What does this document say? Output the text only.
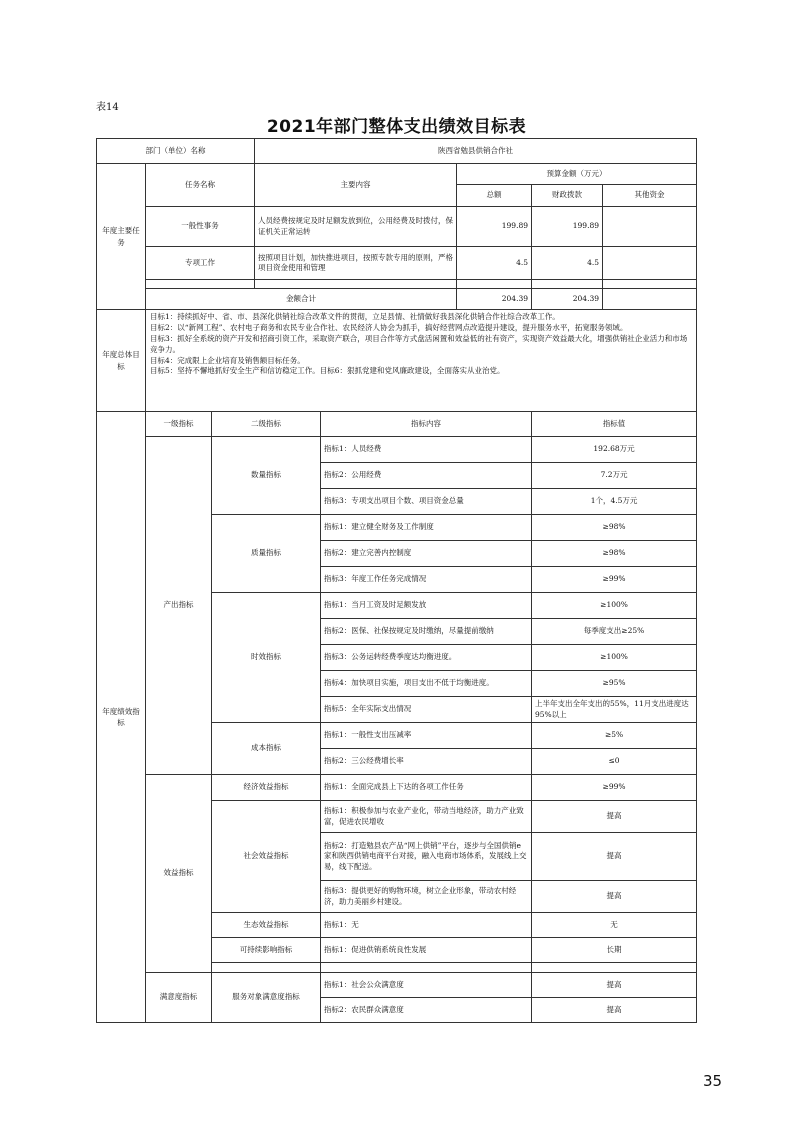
表14
2021年部门整体支出绩效目标表
部门（单位）名称			陕西省勉县供销合作社				
年度主要任务	任务名称		主要内容		预算金额（万元）		
					总额	财政拨款	其他资金
	一般性事务		人员经费按规定及时足额发放到位，公用经费及时拨付，保证机关正常运转		199.89	199.89	
	专项工作		按照项目计划，加快推进项目，按照专款专用的原则，严格项目资金使用和管理		4.5	4.5	

	金额合计				204.39	204.39	
年度总体目标	目标1：持续抓好中、省、市、县深化供销社综合改革文件的贯彻，立足县情、社情做好我县深化供销合作社综合改革工作。
目标2：以“新网工程”、农村电子商务和农民专业合作社、农民经济人协会为抓手，搞好经营网点改造提升建设，提升服务水平，拓宽服务领域。
目标3：抓好全系统的资产开发和招商引资工作，采取资产联合，项目合作等方式盘活闲置和效益低的社有资产，实现资产效益最大化，增强供销社企业活力和市场竞争力。
目标4：完成限上企业培育及销售额目标任务。
目标5：坚持不懈地抓好安全生产和信访稳定工作。目标6：狠抓党建和党风廉政建设，全面落实从业治党。						

年度绩效指标	一级指标	二级指标		指标内容		指标值	
	产出指标	数量指标		指标1：人员经费		192.68万元	
				指标2：公用经费		7.2万元	
				指标3：专项支出项目个数、项目资金总量		1个，4.5万元	
		质量指标		指标1：建立健全财务及工作制度		≥98%	
				指标2：建立完善内控制度		≥98%	
				指标3：年度工作任务完成情况		≥99%	
		时效指标		指标1：当月工资及时足额发放		≥100%	
				指标2：医保、社保按规定及时缴纳，尽量提前缴纳		每季度支出≥25%	
				指标3：公务运转经费季度达均衡进度。		≥100%	
				指标4：加快项目实施，项目支出不低于均衡进度。		≥95%	
				指标5：全年实际支出情况		上半年支出全年支出的55%，11月支出进度达95%以上	
		成本指标		指标1：一般性支出压减率		≥5%	
				指标2：三公经费增长率		≤0	
	效益指标	经济效益指标		指标1：全面完成县上下达的各项工作任务		≥99%	
		社会效益指标		指标1：积极参加与农业产业化，带动当地经济，助力产业致富，促进农民增收		提高	
				指标2：打造勉县农产品“网上供销”平台，逐步与全国供销e家和陕西供销电商平台对接，融入电商市场体系，发展线上交易，线下配送。		提高	
				指标3：提供更好的购物环境，树立企业形象，带动农村经济，助力美丽乡村建设。		提高	
		生态效益指标		指标1：无		无	
		可持续影响指标		指标1：促进供销系统良性发展		长期	

	满意度指标	服务对象满意度指标		指标1：社会公众满意度		提高	
				指标2：农民群众满意度		提高	
35
